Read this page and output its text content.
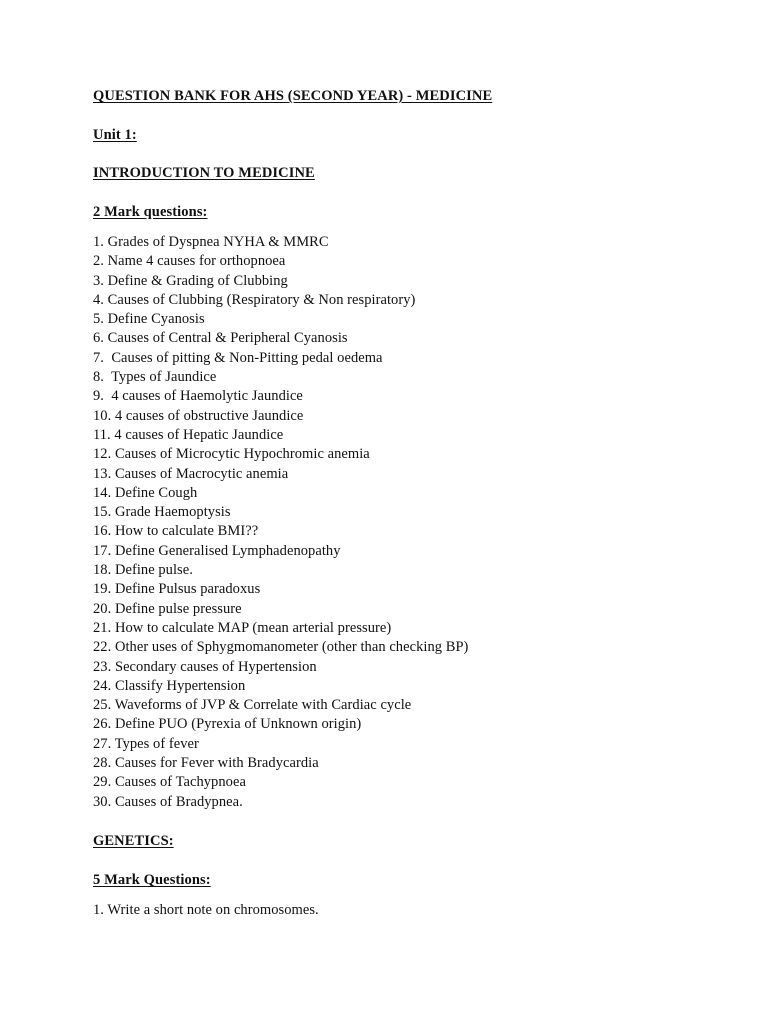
QUESTION BANK FOR AHS (SECOND YEAR) - MEDICINE
Unit 1:
INTRODUCTION TO MEDICINE
2 Mark questions:
1. Grades of Dyspnea NYHA & MMRC
2. Name 4 causes for orthopnoea
3. Define & Grading of Clubbing
4. Causes of Clubbing (Respiratory & Non respiratory)
5. Define Cyanosis
6. Causes of Central & Peripheral Cyanosis
7.  Causes of pitting & Non-Pitting pedal oedema
8.  Types of Jaundice
9.  4 causes of Haemolytic Jaundice
10. 4 causes of obstructive Jaundice
11. 4 causes of Hepatic Jaundice
12. Causes of Microcytic Hypochromic anemia
13. Causes of Macrocytic anemia
14. Define Cough
15. Grade Haemoptysis
16. How to calculate BMI??
17. Define Generalised Lymphadenopathy
18. Define pulse.
19. Define Pulsus paradoxus
20. Define pulse pressure
21. How to calculate MAP (mean arterial pressure)
22. Other uses of Sphygmomanometer (other than checking BP)
23. Secondary causes of Hypertension
24. Classify Hypertension
25. Waveforms of JVP & Correlate with Cardiac cycle
26. Define PUO (Pyrexia of Unknown origin)
27. Types of fever
28. Causes for Fever with Bradycardia
29. Causes of Tachypnoea
30. Causes of Bradypnea.
GENETICS:
5 Mark Questions:
1. Write a short note on chromosomes.
